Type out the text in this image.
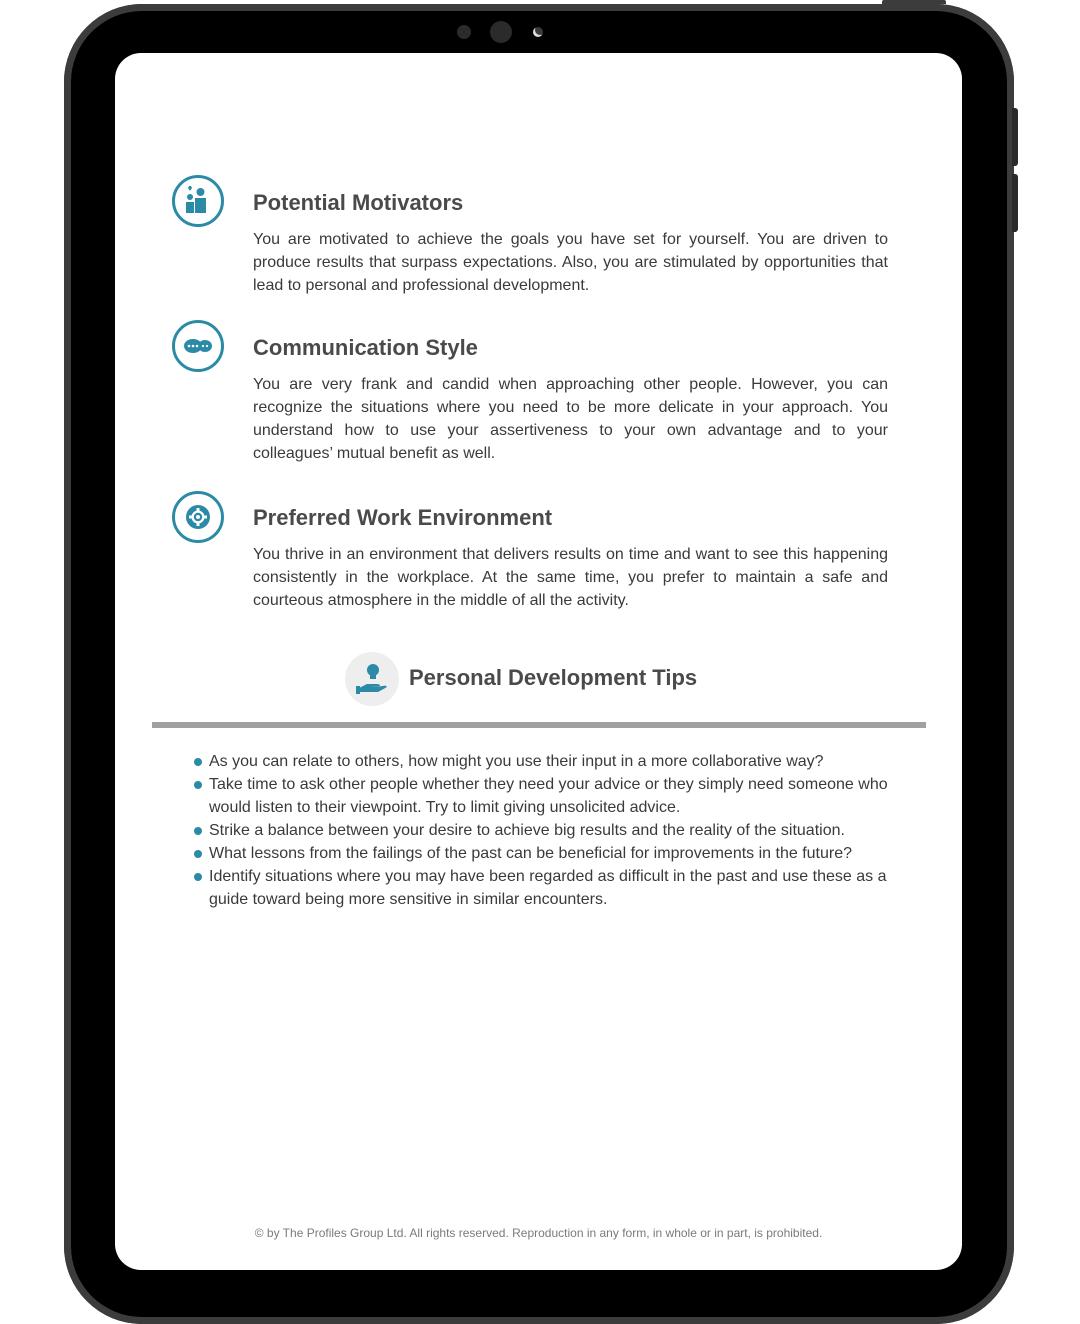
Potential Motivators

You are motivated to achieve the goals you have set for yourself. You are driven to produce results that surpass expectations. Also, you are stimulated by opportunities that lead to personal and professional development.

Communication Style

You are very frank and candid when approaching other people. However, you can recognize the situations where you need to be more delicate in your approach. You understand how to use your assertiveness to your own advantage and to your colleagues’ mutual benefit as well.

Preferred Work Environment

You thrive in an environment that delivers results on time and want to see this happening consistently in the workplace. At the same time, you prefer to maintain a safe and courteous atmosphere in the middle of all the activity.

Personal Development Tips
As you can relate to others, how might you use their input in a more collaborative way?
Take time to ask other people whether they need your advice or they simply need someone who would listen to their viewpoint. Try to limit giving unsolicited advice.
Strike a balance between your desire to achieve big results and the reality of the situation.
What lessons from the failings of the past can be beneficial for improvements in the future?
Identify situations where you may have been regarded as difficult in the past and use these as a guide toward being more sensitive in similar encounters.

© by The Profiles Group Ltd. All rights reserved. Reproduction in any form, in whole or in part, is prohibited.
